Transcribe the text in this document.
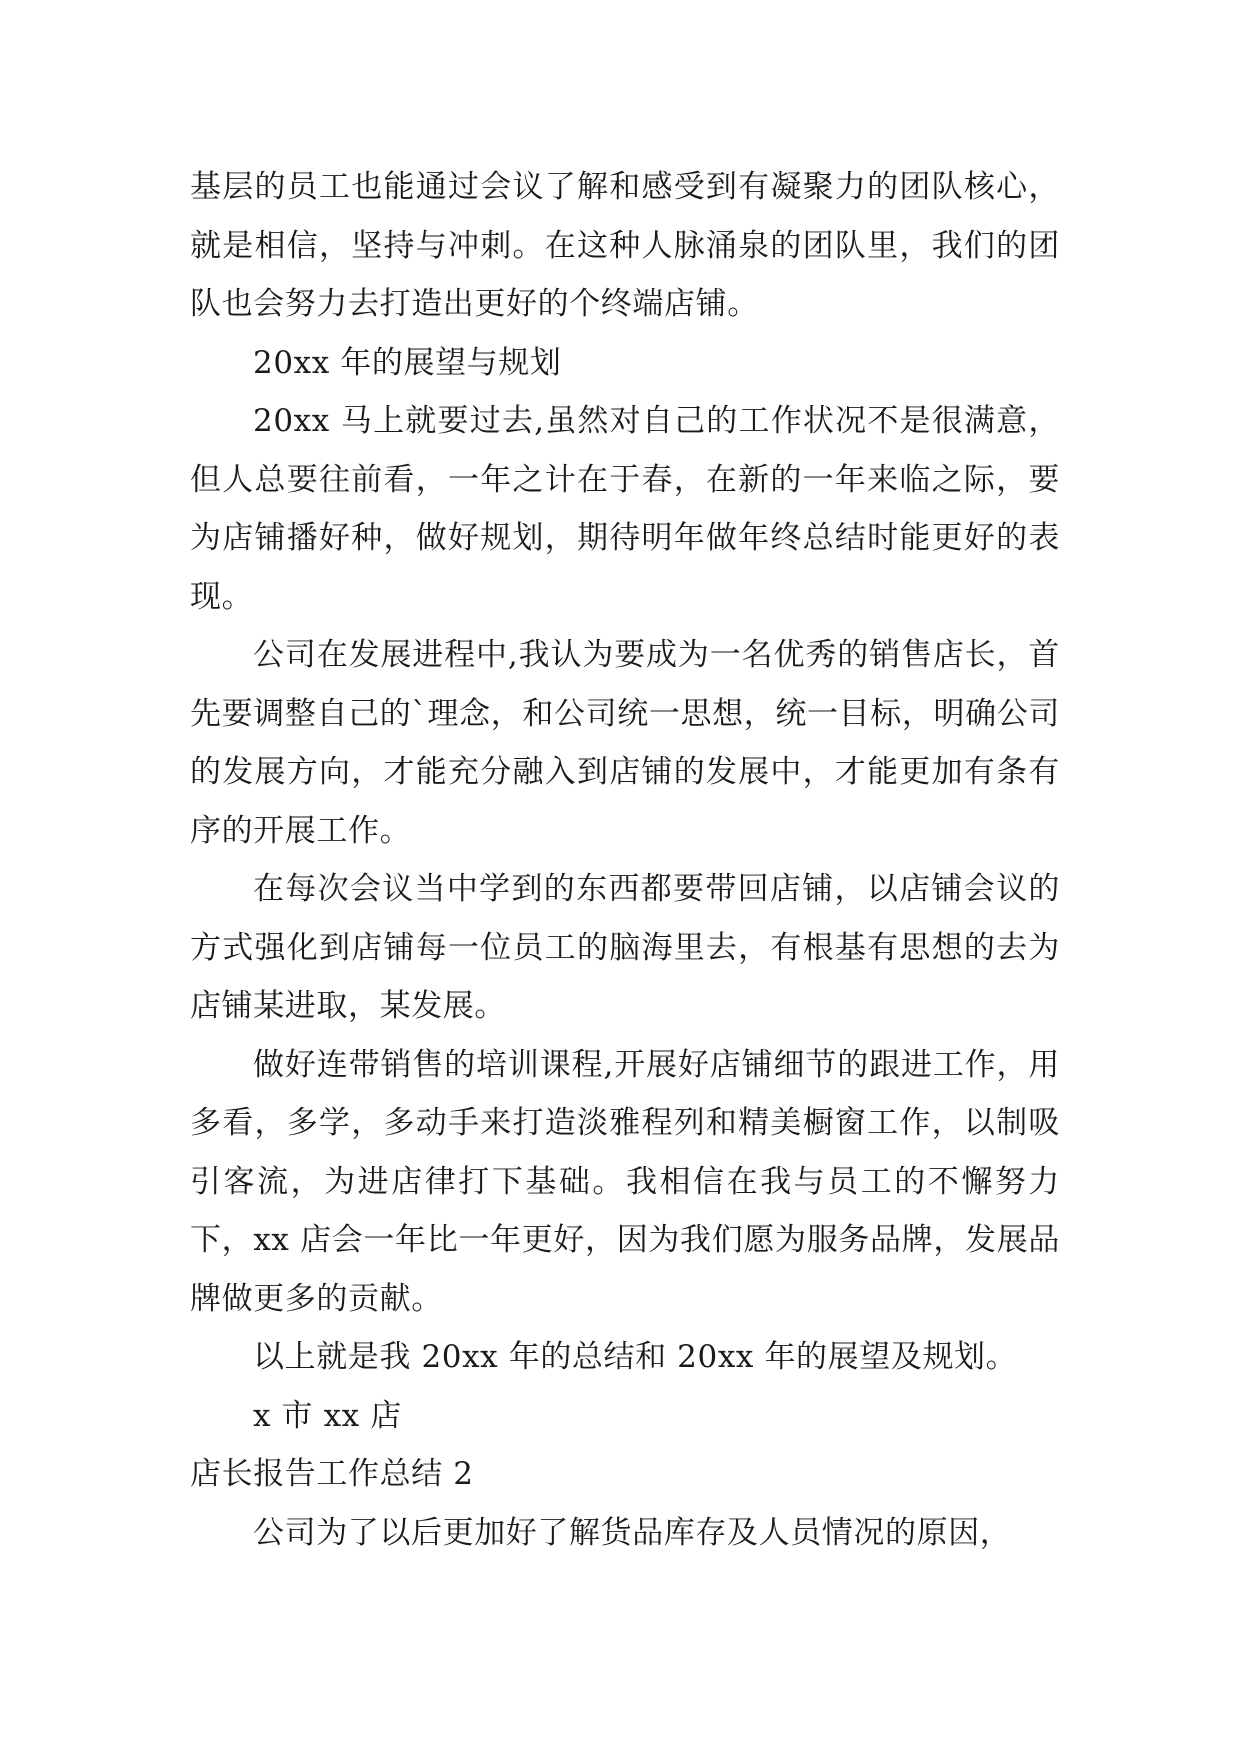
基层的员工也能通过会议了解和感受到有凝聚力的团队核心，就是相信，坚持与冲刺。在这种人脉涌泉的团队里，我们的团队也会努力去打造出更好的个终端店铺。

20xx 年的展望与规划

20xx 马上就要过去,虽然对自己的工作状况不是很满意，但人总要往前看，一年之计在于春，在新的一年来临之际，要为店铺播好种，做好规划，期待明年做年终总结时能更好的表现。

公司在发展进程中,我认为要成为一名优秀的销售店长，首先要调整自己的`理念，和公司统一思想，统一目标，明确公司的发展方向，才能充分融入到店铺的发展中，才能更加有条有序的开展工作。

在每次会议当中学到的东西都要带回店铺，以店铺会议的方式强化到店铺每一位员工的脑海里去，有根基有思想的去为店铺某进取，某发展。

做好连带销售的培训课程,开展好店铺细节的跟进工作，用多看，多学，多动手来打造淡雅程列和精美橱窗工作，以制吸引客流，为进店律打下基础。我相信在我与员工的不懈努力下，xx 店会一年比一年更好，因为我们愿为服务品牌，发展品牌做更多的贡献。

以上就是我 20xx 年的总结和 20xx 年的展望及规划。

x 市 xx 店

店长报告工作总结 2

公司为了以后更加好了解货品库存及人员情况的原因，
